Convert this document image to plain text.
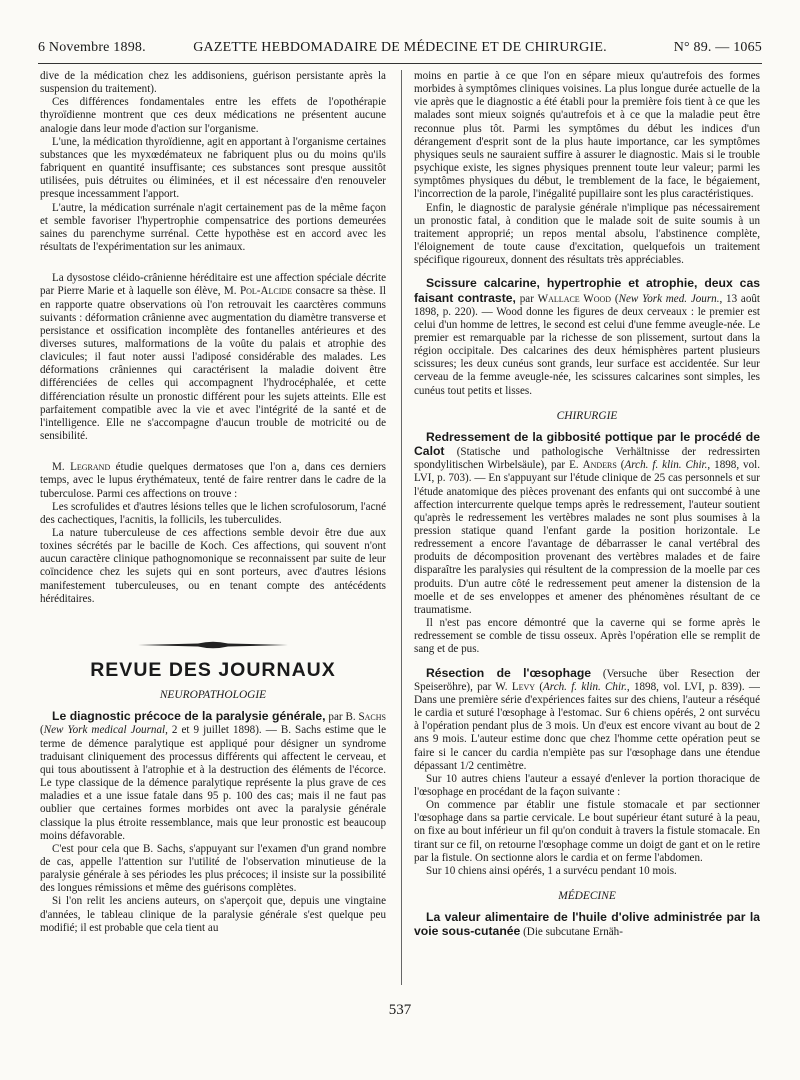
6 Novembre 1898.	GAZETTE HEBDOMADAIRE DE MÉDECINE ET DE CHIRURGIE.	N° 89. — 1065

dive de la médication chez les addisoniens, guérison persistante après la suspension du traitement).

Ces différences fondamentales entre les effets de l'opothérapie thyroïdienne montrent que ces deux médications ne présentent aucune analogie dans leur mode d'action sur l'organisme.

L'une, la médication thyroïdienne, agit en apportant à l'organisme certaines substances que les myxœdémateux ne fabriquent plus ou du moins qu'ils fabriquent en quantité insuffisante; ces substances sont presque aussitôt utilisées, puis détruites ou éliminées, et il est nécessaire d'en renouveler presque incessamment l'apport.

L'autre, la médication surrénale n'agit certainement pas de la même façon et semble favoriser l'hypertrophie compensatrice des portions demeurées saines du parenchyme surrénal. Cette hypothèse est en accord avec les résultats de l'expérimentation sur les animaux.

La dysostose cléido-crânienne héréditaire est une affection spéciale décrite par Pierre Marie et à laquelle son élève, M. Pol-Alcide consacre sa thèse. Il en rapporte quatre observations où l'on retrouvait les caarctères communs suivants : déformation crânienne avec augmentation du diamètre transverse et persistance et ossification incomplète des fontanelles antérieures et des diverses sutures, malformations de la voûte du palais et atrophie des clavicules; il faut noter aussi l'adiposé considérable des malades. Les déformations crâniennes qui caractérisent la maladie doivent être différenciées de celles qui accompagnent l'hydrocéphalée, et cette différenciation résulte un pronostic différent pour les sujets atteints. Elle est parfaitement compatible avec la vie et avec l'intégrité de la santé et de l'intelligence. Elle ne s'accompagne d'aucun trouble de motricité ou de sensibilité.

M. Legrand étudie quelques dermatoses que l'on a, dans ces derniers temps, avec le lupus érythémateux, tenté de faire rentrer dans le cadre de la tuberculose. Parmi ces affections on trouve :

Les scrofulides et d'autres lésions telles que le lichen scrofulosorum, l'acné des cachectiques, l'acnitis, la follicils, les tuberculides.

La nature tuberculeuse de ces affections semble devoir être due aux toxines sécrétés par le bacille de Koch. Ces affections, qui souvent n'ont aucun caractère clinique pathognomonique se reconnaissent par suite de leur coïncidence chez les sujets qui en sont porteurs, avec d'autres lésions manifestement tuberculeuses, ou en tenant compte des antécédents héréditaires.

REVUE DES JOURNAUX
NEUROPATHOLOGIE

Le diagnostic précoce de la paralysie générale, par B. Sachs (New York medical Journal, 2 et 9 juillet 1898). — B. Sachs estime que le terme de démence paralytique est appliqué pour désigner un syndrome traduisant cliniquement des processus différents qui affectent le cerveau, et qui tous aboutissent à l'atrophie et à la destruction des éléments de l'écorce. Le type classique de la démence paralytique représente la plus grave de ces maladies et a une issue fatale dans 95 p. 100 des cas; mais il ne faut pas oublier que certaines formes morbides ont avec la paralysie générale classique la plus étroite ressemblance, mais que leur pronostic est beaucoup moins défavorable.

C'est pour cela que B. Sachs, s'appuyant sur l'examen d'un grand nombre de cas, appelle l'attention sur l'utilité de l'observation minutieuse de la paralysie générale à ses périodes les plus précoces; il insiste sur la possibilité des longues rémissions et même des guérisons complètes.

Si l'on relit les anciens auteurs, on s'aperçoit que, depuis une vingtaine d'années, le tableau clinique de la paralysie générale s'est quelque peu modifié; il est probable que cela tient au

moins en partie à ce que l'on en sépare mieux qu'autrefois des formes morbides à symptômes cliniques voisines. La plus longue durée actuelle de la vie après que le diagnostic a été établi pour la première fois tient à ce que les malades sont mieux soignés qu'autrefois et à ce que la maladie peut être reconnue plus tôt. Parmi les symptômes du début les indices d'un dérangement d'esprit sont de la plus haute importance, car les symptômes physiques seuls ne sauraient suffire à assurer le diagnostic. Mais si le trouble psychique existe, les signes physiques prennent toute leur valeur; parmi les symptômes physiques du début, le tremblement de la face, le bégaiement, l'incorrection de la parole, l'inégalité pupillaire sont les plus caractéristiques.

Enfin, le diagnostic de paralysie générale n'implique pas nécessairement un pronostic fatal, à condition que le malade soit de suite soumis à un traitement approprié; un repos mental absolu, l'abstinence complète, l'éloignement de toute cause d'excitation, quelquefois un traitement spécifique rigoureux, donnent des résultats très appréciables.

Scissure calcarine, hypertrophie et atrophie, deux cas faisant contraste, par Wallace Wood (New York med. Journ., 13 août 1898, p. 220). — Wood donne les figures de deux cerveaux : le premier est celui d'un homme de lettres, le second est celui d'une femme aveugle-née. Le premier est remarquable par la richesse de son plissement, surtout dans la région occipitale. Des calcarines des deux hémisphères partent plusieurs scissures; les deux cunéus sont grands, leur surface est accidentée. Sur leur cerveau de la femme aveugle-née, les scissures calcarines sont simples, les cunéus tout petits et lisses.

CHIRURGIE

Redressement de la gibbosité pottique par le procédé de Calot (Statische und pathologische Verhältnisse der redressirten spondylitischen Wirbelsäule), par E. Anders (Arch. f. klin. Chir., 1898, vol. LVI, p. 703). — En s'appuyant sur l'étude clinique de 25 cas personnels et sur l'étude anatomique des pièces provenant des enfants qui ont succombé à une affection intercurrente quelque temps après le redressement, l'auteur soutient qu'après le redressement les vertèbres malades ne sont plus soumises à la pression statique quand l'enfant garde la position horizontale. Le redressement a encore l'avantage de débarrasser le canal vertébral des produits de décomposition provenant des vertèbres malades et de faire disparaître les paralysies qui résultent de la compression de la moelle par ces produits. D'un autre côté le redressement peut amener la distension de la moelle et de ses enveloppes et amener des phénomènes résultant de ce traumatisme.

Il n'est pas encore démontré que la caverne qui se forme après le redressement se comble de tissu osseux. Après l'opération elle se remplit de sang et de pus.

Résection de l'œsophage (Versuche über Resection der Speiseröhre), par W. Levy (Arch. f. klin. Chir., 1898, vol. LVI, p. 839). — Dans une première série d'expériences faites sur des chiens, l'auteur a réséqué le cardia et suturé l'œsophage à l'estomac. Sur 6 chiens opérés, 2 ont survécu à l'opération pendant plus de 3 mois. Un d'eux est encore vivant au bout de 2 ans 9 mois. L'auteur estime donc que chez l'homme cette opération peut se faire si le cancer du cardia n'empiète pas sur l'œsophage dans une étendue dépassant 1/2 centimètre.

Sur 10 autres chiens l'auteur a essayé d'enlever la portion thoracique de l'œsophage en procédant de la façon suivante :

On commence par établir une fistule stomacale et par sectionner l'œsophage dans sa partie cervicale. Le bout supérieur étant suturé à la peau, on fixe au bout inférieur un fil qu'on conduit à travers la fistule stomacale. En tirant sur ce fil, on retourne l'œsophage comme un doigt de gant et on le retire par la fistule. On sectionne alors le cardia et on ferme l'abdomen.

Sur 10 chiens ainsi opérés, 1 a survécu pendant 10 mois.

MÉDECINE

La valeur alimentaire de l'huile d'olive administrée par la voie sous-cutanée (Die subcutane Ernäh-

537
